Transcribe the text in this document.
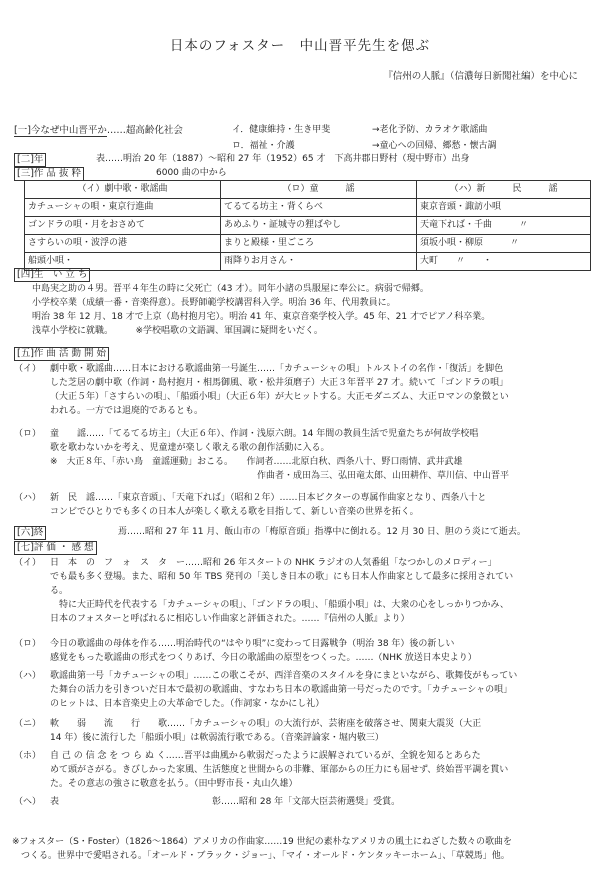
日本のフォスター　中山晋平先生を偲ぶ
『信州の人脈』（信濃毎日新聞社編）を中心に
[一]今なぜ中山晋平か……超高齢化社会	イ．健康維持・生き甲斐	→老化予防、カラオケ歌謡曲
ロ．福祉・介護	→童心への回帰、郷愁・懐古調
[二]年	表……明治 20 年（1887）～昭和 27 年（1952）65 才　下高井郡日野村（現中野市）出身
[三]作 品 抜 粋	6000 曲の中から
（イ）劇中歌・歌謡曲	（ロ）童　　　謡	（ハ）新　　　民　　　謡
カチューシャの唄・東京行進曲	てるてる坊主・背くらべ	東京音頭・諏訪小唄
ゴンドラの唄・月をおさめて	あめふり・証城寺の狸ばやし	天竜下れば・千曲　　　〃
さすらいの唄・波浮の港	まりと殿様・里ごころ	須坂小唄・柳原　　　〃
船頭小唄・	雨降りお月さん・	大町　　〃　　・
[四]生　い 立 ち
中島実之助の４男。晋平４年生の時に父死亡（43 才）。同年小諸の呉服屋に奉公に。病弱で帰郷。
小学校卒業（成績一番・音楽得意）。長野師範学校講習科入学。明治 36 年、代用教員に。
明治 38 年 12 月、18 才で上京（島村抱月宅）。明治 41 年、東京音楽学校入学。45 年、21 才でピアノ科卒業。
浅草小学校に就職。　　　※学校唱歌の文語調、軍国調に疑問をいだく。
[五]作 曲 活 動 開 始
（イ） 劇中歌・歌謡曲……日本における歌謡曲第一号誕生……「カチューシャの唄」トルストイの名作・「復活」を脚色
した芝居の劇中歌（作詞・島村抱月・相馬御風、歌・松井須磨子）大正３年晋平 27 才。続いて「ゴンドラの唄」
（大正５年）「さすらいの唄」、「船頭小唄」（大正６年）が大ヒットする。大正モダニズム、大正ロマンの象徴とい
われる。一方では退廃的であるとも。
（ロ） 童　　謡……「てるてる坊主」（大正６年）、作詞・浅原六朗。14 年間の教員生活で児童たちが何故学校唱
歌を歌わないかを考え、児童達が楽しく歌える歌の創作活動に入る。
※　大正８年、「赤い鳥　童謡運動」おこる。　　作詞者……北原白秋、西条八十、野口雨情、武井武雄
　　　　　　　　　　　　　　　　　　　　　　　作曲者・成田為三、弘田竜太郎、山田耕作、草川信、中山晋平
（ハ） 新　民　謡……「東京音頭」、「天竜下れば」（昭和２年）……日本ビクターの専属作曲家となり、西条八十と
コンビでひとりでも多くの日本人が楽しく歌える歌を目指して、新しい音楽の世界を拓く。
[六]終	焉……昭和 27 年 11 月、飯山市の「梅原音頭」指導中に倒れる。12 月 30 日、胆のう炎にて逝去。
[七]評 価 ・ 感 想
（イ） 日　本　の　フ　ォ　ス　タ　ー……昭和 26 年スタートの NHK ラジオの人気番組「なつかしのメロディー」
でも最も多く登場。また、昭和 50 年 TBS 発刊の「美しき日本の歌」にも日本人作曲家として最多に採用されてい
る。
　特に大正時代を代表する「カチューシャの唄」、「ゴンドラの唄」、「船頭小唄」は、大衆の心をしっかりつかみ、
日本のフォスターと呼ばれるに相応しい作曲家と評価された。……『信州の人脈』より）
（ロ） 今日の歌謡曲の母体を作る……明治時代の“はやり唄”に変わって日露戦争（明治 38 年）後の新しい
感覚をもった歌謡曲の形式をつくりあげ、今日の歌謡曲の原型をつくった。……（NHK 放送日本史より）
（ハ） 歌謡曲第一号「カチューシャの唄」……この歌こそが、西洋音楽のスタイルを身にまといながら、歌舞伎がもってい
た舞台の活力を引きついだ日本で最初の歌謡曲、すなわち日本の歌謡曲第一号だったのです。「カチューシャの唄」
のヒットは、日本音楽史上の大革命でした。（作詞家・なかにし礼）
（ニ） 軟　　弱　　流　　行　　歌……「カチューシャの唄」の大流行が、芸術座を破落させ、関東大震災（大正
14 年）後に流行した「船頭小唄」は軟弱流行歌である。（音楽評論家・堀内敬三）
（ホ） 自 己 の 信 念 を つ ら ぬ く……晋平は曲風から軟弱だったように誤解されているが、全貌を知るとあらた
めて頭がさがる。きびしかった家風、生活態度と世間からの非難、軍部からの圧力にも屈せず、終始晋平調を貫い
た。その意志の強さに敬意を払う。（田中野市長・丸山久雄）
（ヘ） 表　　　　　　　　　　　　　　　　　彰……昭和 28 年「文部大臣芸術選奨」受賞。
※フォスター（S・Foster）（1826～1864）アメリカの作曲家……19 世紀の素朴なアメリカの風土にねざした数々の歌曲を
　つくる。世界中で愛唱される。「オールド・ブラック・ジョー」、「マイ・オールド・ケンタッキーホーム」、「草競馬」他。
